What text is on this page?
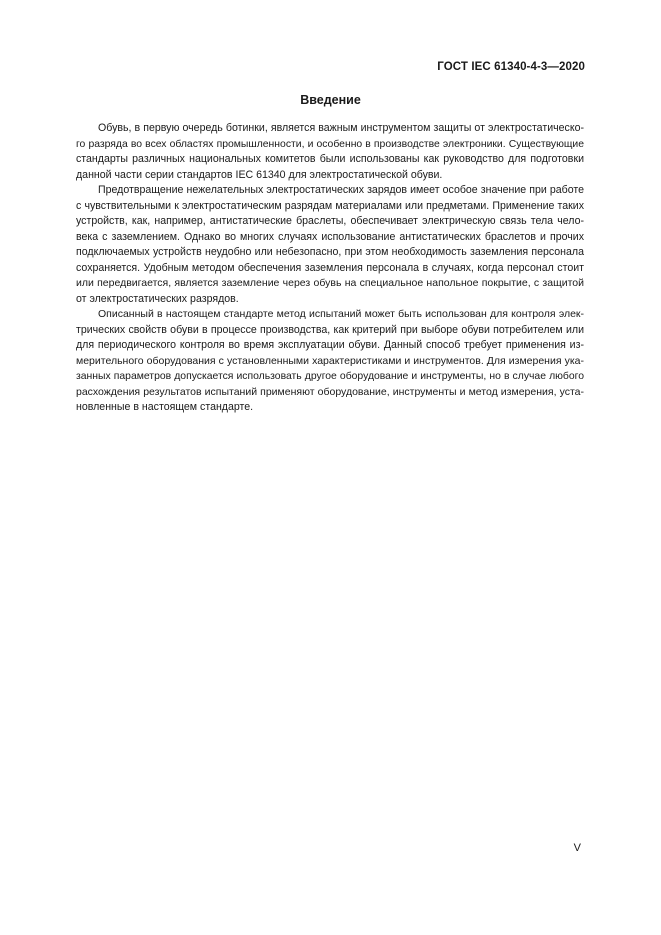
ГОСТ IEC 61340-4-3—2020
Введение
Обувь, в первую очередь ботинки, является важным инструментом защиты от электростатическо-
го разряда во всех областях промышленности, и особенно в производстве электроники. Существующие
стандарты различных национальных комитетов были использованы как руководство для подготовки
данной части серии стандартов IEC 61340 для электростатической обуви.
Предотвращение нежелательных электростатических зарядов имеет особое значение при работе
с чувствительными к электростатическим разрядам материалами или предметами. Применение таких
устройств, как, например, антистатические браслеты, обеспечивает электрическую связь тела чело-
века с заземлением. Однако во многих случаях использование антистатических браслетов и прочих
подключаемых устройств неудобно или небезопасно, при этом необходимость заземления персонала
сохраняется. Удобным методом обеспечения заземления персонала в случаях, когда персонал стоит
или передвигается, является заземление через обувь на специальное напольное покрытие, с защитой
от электростатических разрядов.
Описанный в настоящем стандарте метод испытаний может быть использован для контроля элек-
трических свойств обуви в процессе производства, как критерий при выборе обуви потребителем или
для периодического контроля во время эксплуатации обуви. Данный способ требует применения из-
мерительного оборудования с установленными характеристиками и инструментов. Для измерения ука-
занных параметров допускается использовать другое оборудование и инструменты, но в случае любого
расхождения результатов испытаний применяют оборудование, инструменты и метод измерения, уста-
новленные в настоящем стандарте.
V
